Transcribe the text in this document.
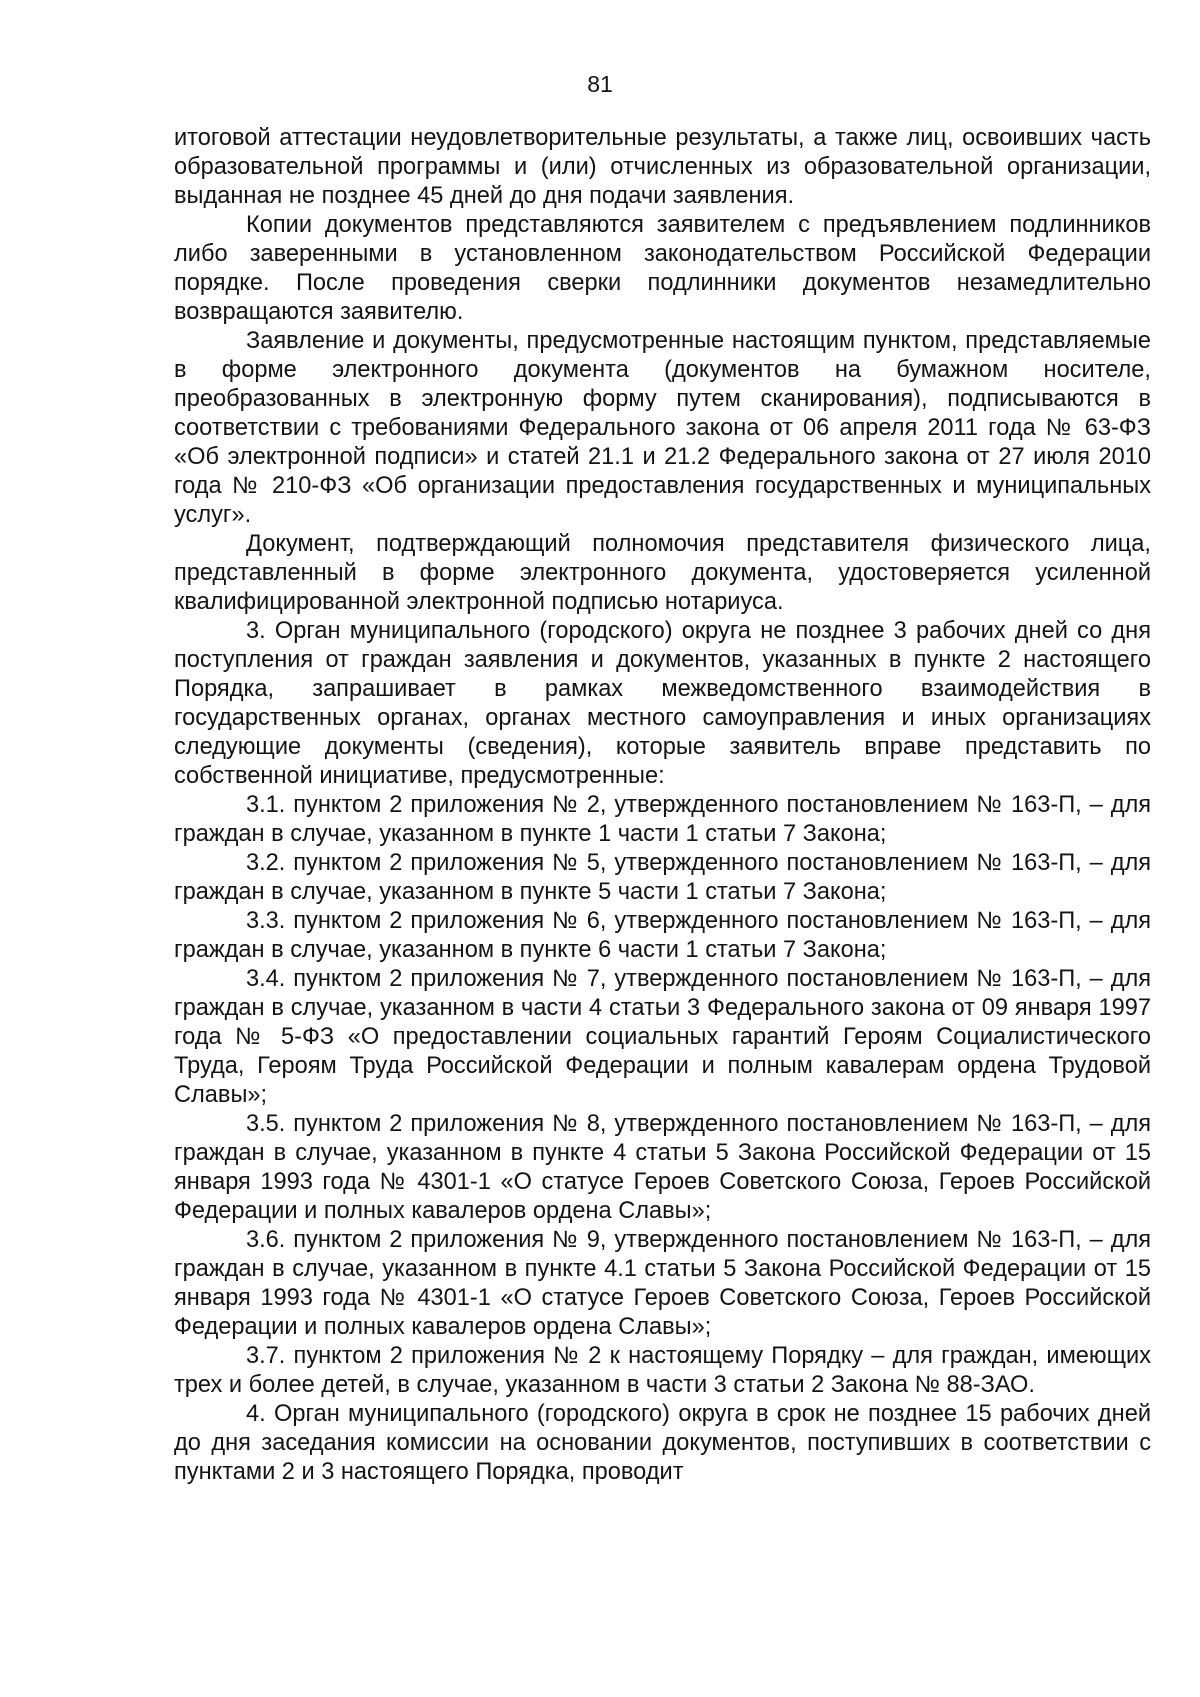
81

итоговой аттестации неудовлетворительные результаты, а также лиц, освоивших часть образовательной программы и (или) отчисленных из образовательной организации, выданная не позднее 45 дней до дня подачи заявления.

Копии документов представляются заявителем с предъявлением подлинников либо заверенными в установленном законодательством Российской Федерации порядке. После проведения сверки подлинники документов незамедлительно возвращаются заявителю.

Заявление и документы, предусмотренные настоящим пунктом, представляемые в форме электронного документа (документов на бумажном носителе, преобразованных в электронную форму путем сканирования), подписываются в соответствии с требованиями Федерального закона от 06 апреля 2011 года № 63-ФЗ «Об электронной подписи» и статей 21.1 и 21.2 Федерального закона от 27 июля 2010 года № 210-ФЗ «Об организации предоставления государственных и муниципальных услуг».

Документ, подтверждающий полномочия представителя физического лица, представленный в форме электронного документа, удостоверяется усиленной квалифицированной электронной подписью нотариуса.

3. Орган муниципального (городского) округа не позднее 3 рабочих дней со дня поступления от граждан заявления и документов, указанных в пункте 2 настоящего Порядка, запрашивает в рамках межведомственного взаимодействия в государственных органах, органах местного самоуправления и иных организациях следующие документы (сведения), которые заявитель вправе представить по собственной инициативе, предусмотренные:

3.1. пунктом 2 приложения № 2, утвержденного постановлением № 163-П, – для граждан в случае, указанном в пункте 1 части 1 статьи 7 Закона;

3.2. пунктом 2 приложения № 5, утвержденного постановлением № 163-П, – для граждан в случае, указанном в пункте 5 части 1 статьи 7 Закона;

3.3. пунктом 2 приложения № 6, утвержденного постановлением № 163-П, – для граждан в случае, указанном в пункте 6 части 1 статьи 7 Закона;

3.4. пунктом 2 приложения № 7, утвержденного постановлением № 163-П, – для граждан в случае, указанном в части 4 статьи 3 Федерального закона от 09 января 1997 года № 5-ФЗ «О предоставлении социальных гарантий Героям Социалистического Труда, Героям Труда Российской Федерации и полным кавалерам ордена Трудовой Славы»;

3.5. пунктом 2 приложения № 8, утвержденного постановлением № 163-П, – для граждан в случае, указанном в пункте 4 статьи 5 Закона Российской Федерации от 15 января 1993 года № 4301-1 «О статусе Героев Советского Союза, Героев Российской Федерации и полных кавалеров ордена Славы»;

3.6. пунктом 2 приложения № 9, утвержденного постановлением № 163-П, – для граждан в случае, указанном в пункте 4.1 статьи 5 Закона Российской Федерации от 15 января 1993 года № 4301-1 «О статусе Героев Советского Союза, Героев Российской Федерации и полных кавалеров ордена Славы»;

3.7. пунктом 2 приложения № 2 к настоящему Порядку – для граждан, имеющих трех и более детей, в случае, указанном в части 3 статьи 2 Закона № 88-ЗАО.

4. Орган муниципального (городского) округа в срок не позднее 15 рабочих дней до дня заседания комиссии на основании документов, поступивших в соответствии с пунктами 2 и 3 настоящего Порядка, проводит
